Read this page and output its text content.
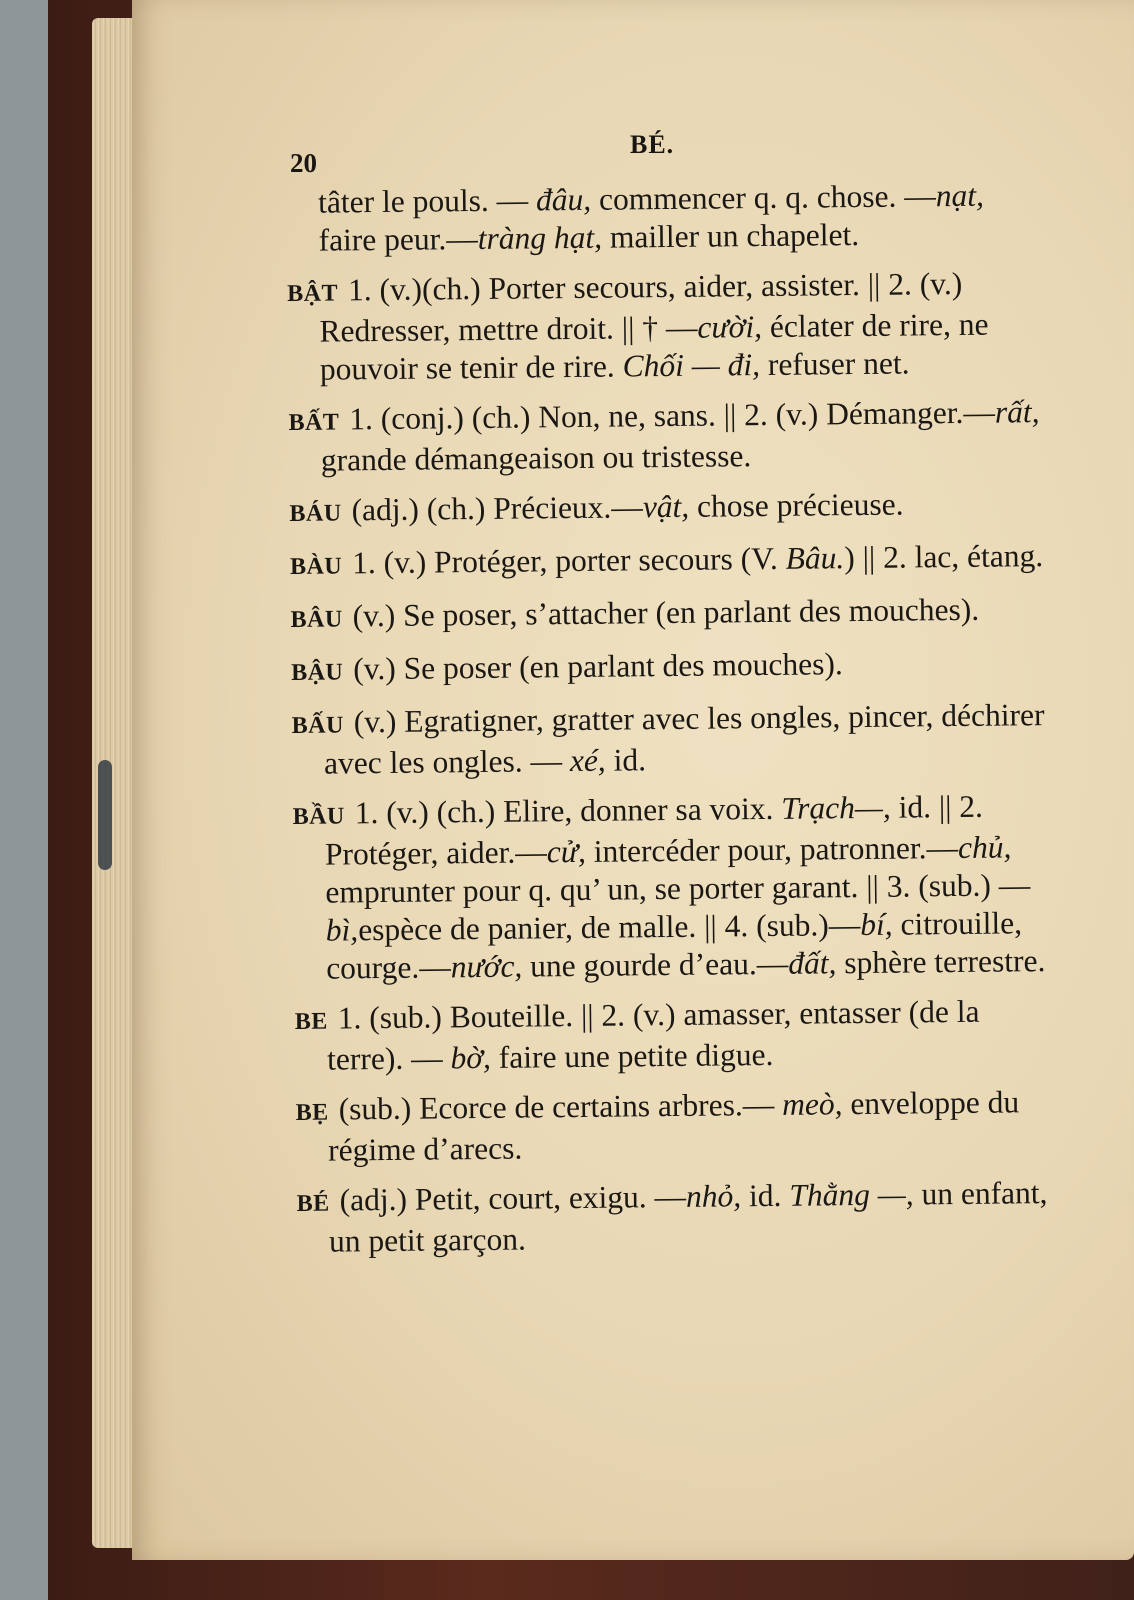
20
BÉ.

tâter le pouls. — đâu, commencer q. q. chose. —nạt, faire peur.—tràng hạt, mailler un chapelet.

BẬT 1. (v.)(ch.) Porter secours, aider, assister. || 2. (v.) Redresser, mettre droit. || † —cười, éclater de rire, ne pouvoir se tenir de rire. Chối — đi, refuser net.

BẤT 1. (conj.) (ch.) Non, ne, sans. || 2. (v.) Démanger.—rất, grande démangeaison ou tristesse.

BÁU (adj.) (ch.) Précieux.—vật, chose précieuse.

BÀU 1. (v.) Protéger, porter secours (V. Bâu.) || 2. lac, étang.

BÂU (v.) Se poser, s’attacher (en parlant des mouches).

BẬU (v.) Se poser (en parlant des mouches).

BẤU (v.) Egratigner, gratter avec les ongles, pincer, déchirer avec les ongles. — xé, id.

BẦU 1. (v.) (ch.) Elire, donner sa voix. Trạch—, id. || 2. Protéger, aider.—cử, intercéder pour, patronner.—chủ, emprunter pour q. qu’ un, se porter garant. || 3. (sub.) —bì,espèce de panier, de malle. || 4. (sub.)—bí, citrouille, courge.—nước, une gourde d’eau.—đất, sphère terrestre.

BE 1. (sub.) Bouteille. || 2. (v.) amasser, entasser (de la terre). — bờ, faire une petite digue.

BẸ (sub.) Ecorce de certains arbres.— meò, enveloppe du régime d’arecs.

BÉ (adj.) Petit, court, exigu. —nhỏ, id. Thằng —, un enfant, un petit garçon.
